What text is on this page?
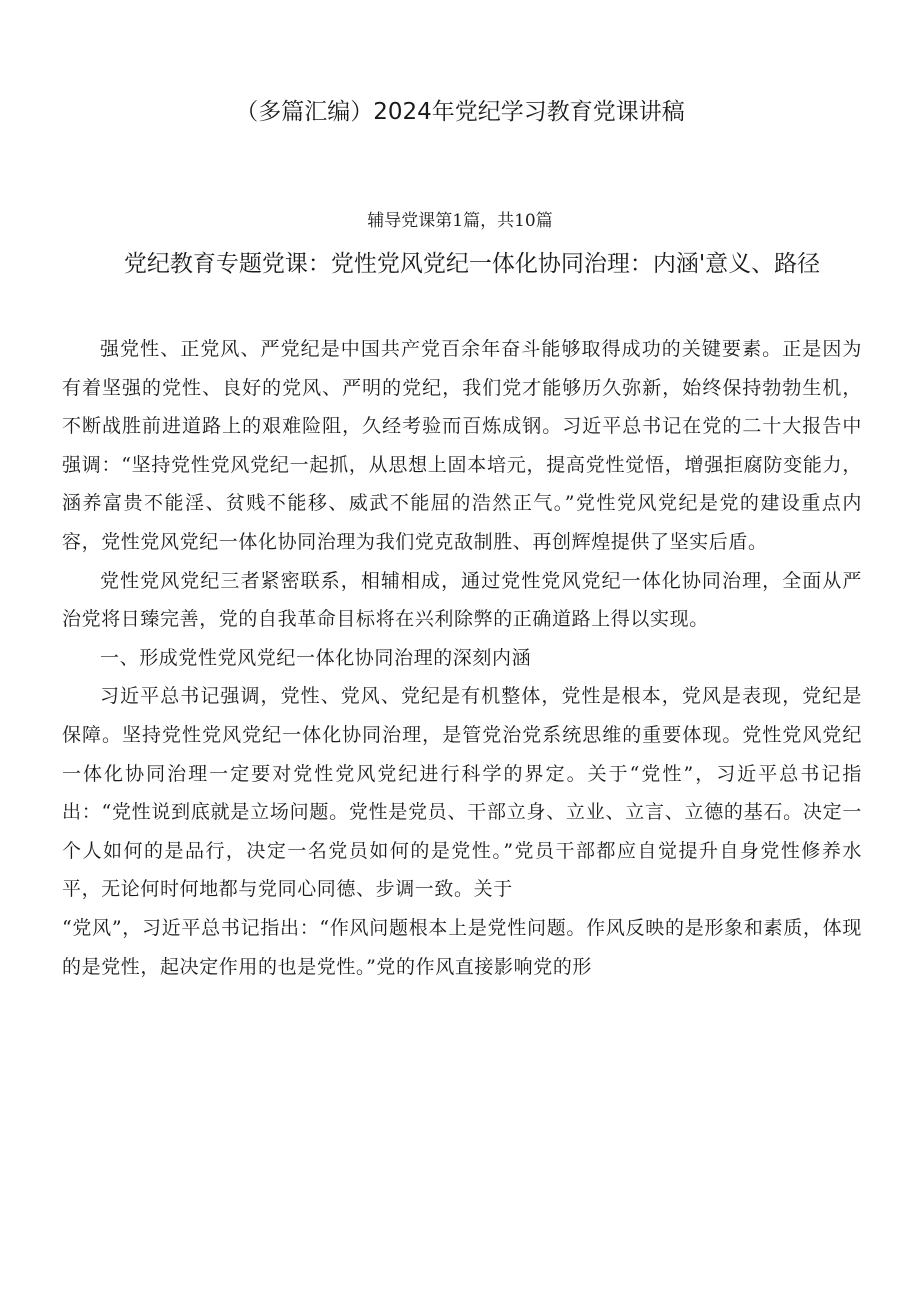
（多篇汇编）2024年党纪学习教育党课讲稿
辅导党课第1篇，共10篇
党纪教育专题党课：党性党风党纪一体化协同治理：内涵'意义、路径

强党性、正党风、严党纪是中国共产党百余年奋斗能够取得成功的关键要素。正是因为有着坚强的党性、良好的党风、严明的党纪，我们党才能够历久弥新，始终保持勃勃生机，不断战胜前进道路上的艰难险阻，久经考验而百炼成钢。习近平总书记在党的二十大报告中强调：“坚持党性党风党纪一起抓，从思想上固本培元，提高党性觉悟，增强拒腐防变能力，涵养富贵不能淫、贫贱不能移、威武不能屈的浩然正气。”党性党风党纪是党的建设重点内容，党性党风党纪一体化协同治理为我们党克敌制胜、再创辉煌提供了坚实后盾。

党性党风党纪三者紧密联系，相辅相成，通过党性党风党纪一体化协同治理，全面从严治党将日臻完善，党的自我革命目标将在兴利除弊的正确道路上得以实现。

一、形成党性党风党纪一体化协同治理的深刻内涵

习近平总书记强调，党性、党风、党纪是有机整体，党性是根本，党风是表现，党纪是保障。坚持党性党风党纪一体化协同治理，是管党治党系统思维的重要体现。党性党风党纪一体化协同治理一定要对党性党风党纪进行科学的界定。关于“党性”，习近平总书记指出：“党性说到底就是立场问题。党性是党员、干部立身、立业、立言、立德的基石。决定一个人如何的是品行，决定一名党员如何的是党性。”党员干部都应自觉提升自身党性修养水平，无论何时何地都与党同心同德、步调一致。关于

“党风”，习近平总书记指出：“作风问题根本上是党性问题。作风反映的是形象和素质，体现的是党性，起决定作用的也是党性。”党的作风直接影响党的形
